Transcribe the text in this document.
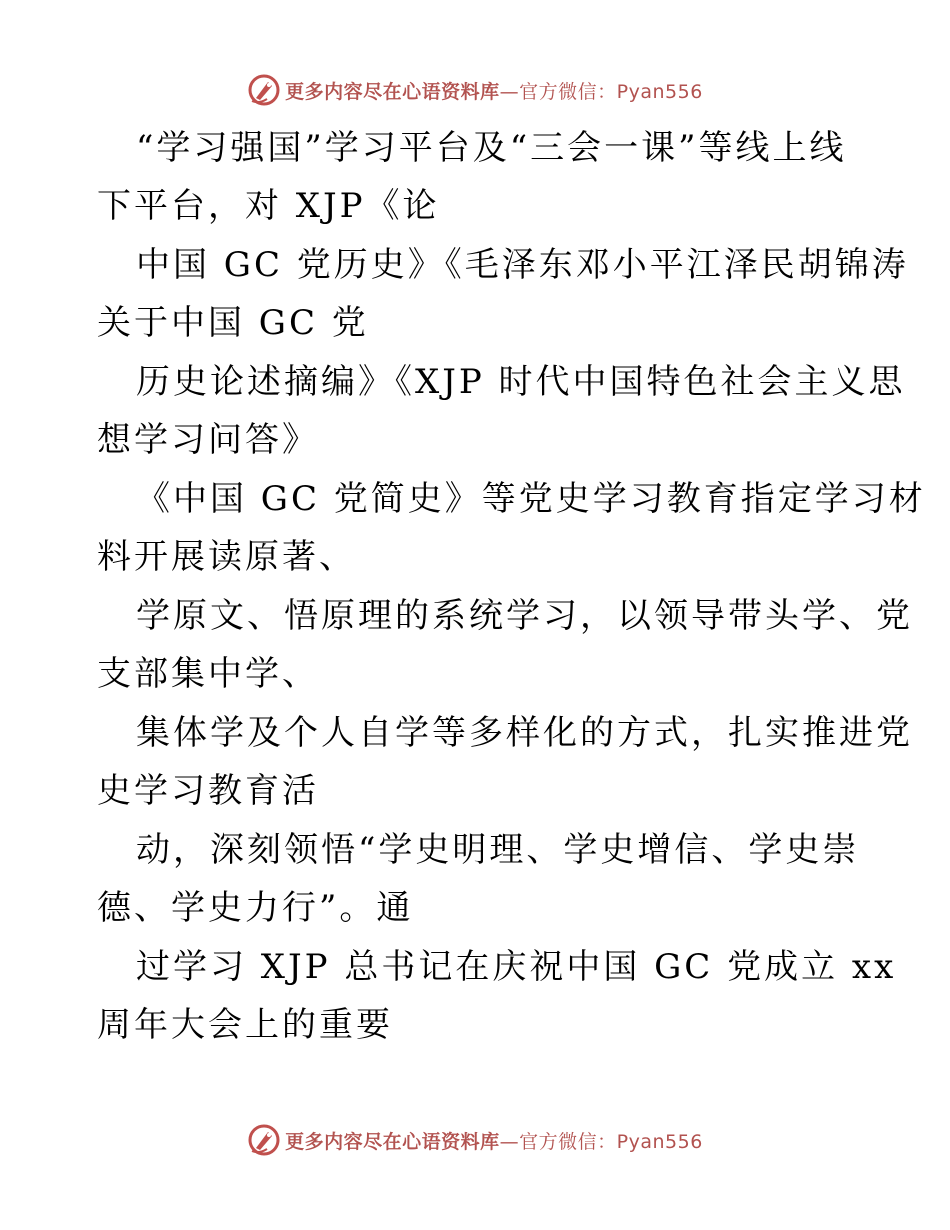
更多内容尽在心语资料库—官方微信：Pyan556
“学习强国”学习平台及“三会一课”等线上线
下平台，对 XJP《论
中国 GC 党历史》《毛泽东邓小平江泽民胡锦涛
关于中国 GC 党
历史论述摘编》《XJP 时代中国特色社会主义思
想学习问答》
《中国 GC 党简史》等党史学习教育指定学习材
料开展读原著、
学原文、悟原理的系统学习，以领导带头学、党
支部集中学、
集体学及个人自学等多样化的方式，扎实推进党
史学习教育活
动，深刻领悟“学史明理、学史增信、学史崇
德、学史力行”。通
过学习 XJP 总书记在庆祝中国 GC 党成立 xx
周年大会上的重要
更多内容尽在心语资料库—官方微信：Pyan556
